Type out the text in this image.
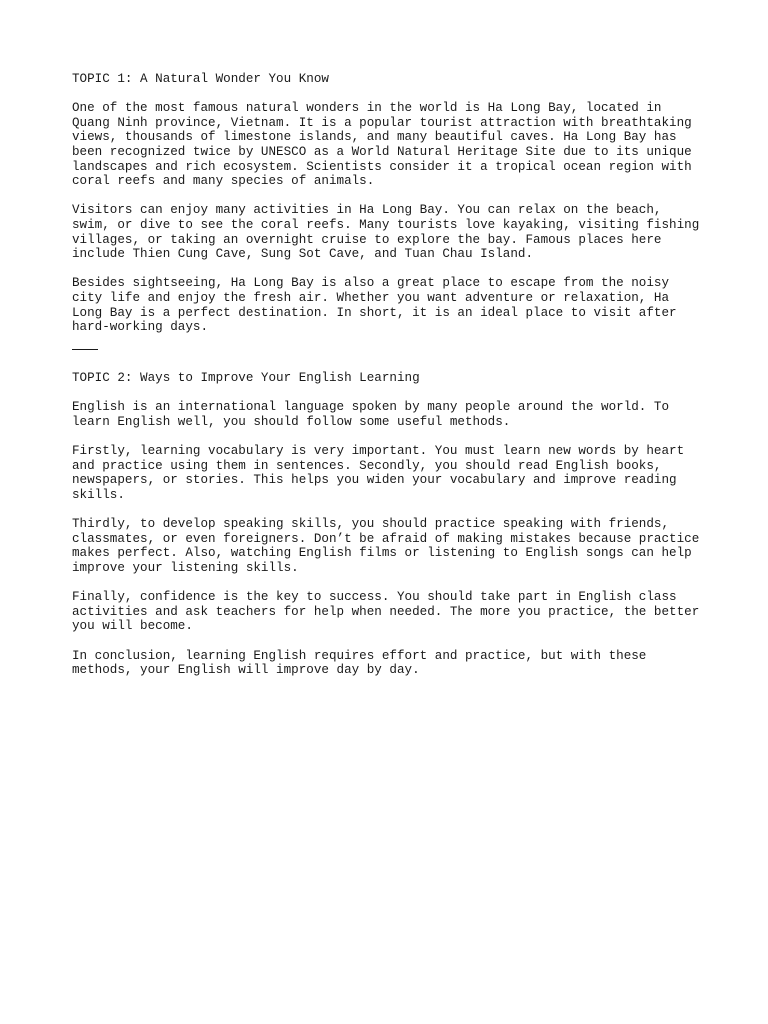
TOPIC 1: A Natural Wonder You Know

One of the most famous natural wonders in the world is Ha Long Bay, located in
Quang Ninh province, Vietnam. It is a popular tourist attraction with breathtaking
views, thousands of limestone islands, and many beautiful caves. Ha Long Bay has
been recognized twice by UNESCO as a World Natural Heritage Site due to its unique
landscapes and rich ecosystem. Scientists consider it a tropical ocean region with
coral reefs and many species of animals.

Visitors can enjoy many activities in Ha Long Bay. You can relax on the beach,
swim, or dive to see the coral reefs. Many tourists love kayaking, visiting fishing
villages, or taking an overnight cruise to explore the bay. Famous places here
include Thien Cung Cave, Sung Sot Cave, and Tuan Chau Island.

Besides sightseeing, Ha Long Bay is also a great place to escape from the noisy
city life and enjoy the fresh air. Whether you want adventure or relaxation, Ha
Long Bay is a perfect destination. In short, it is an ideal place to visit after
hard-working days.

TOPIC 2: Ways to Improve Your English Learning

English is an international language spoken by many people around the world. To
learn English well, you should follow some useful methods.

Firstly, learning vocabulary is very important. You must learn new words by heart
and practice using them in sentences. Secondly, you should read English books,
newspapers, or stories. This helps you widen your vocabulary and improve reading
skills.

Thirdly, to develop speaking skills, you should practice speaking with friends,
classmates, or even foreigners. Don’t be afraid of making mistakes because practice
makes perfect. Also, watching English films or listening to English songs can help
improve your listening skills.

Finally, confidence is the key to success. You should take part in English class
activities and ask teachers for help when needed. The more you practice, the better
you will become.

In conclusion, learning English requires effort and practice, but with these
methods, your English will improve day by day.
